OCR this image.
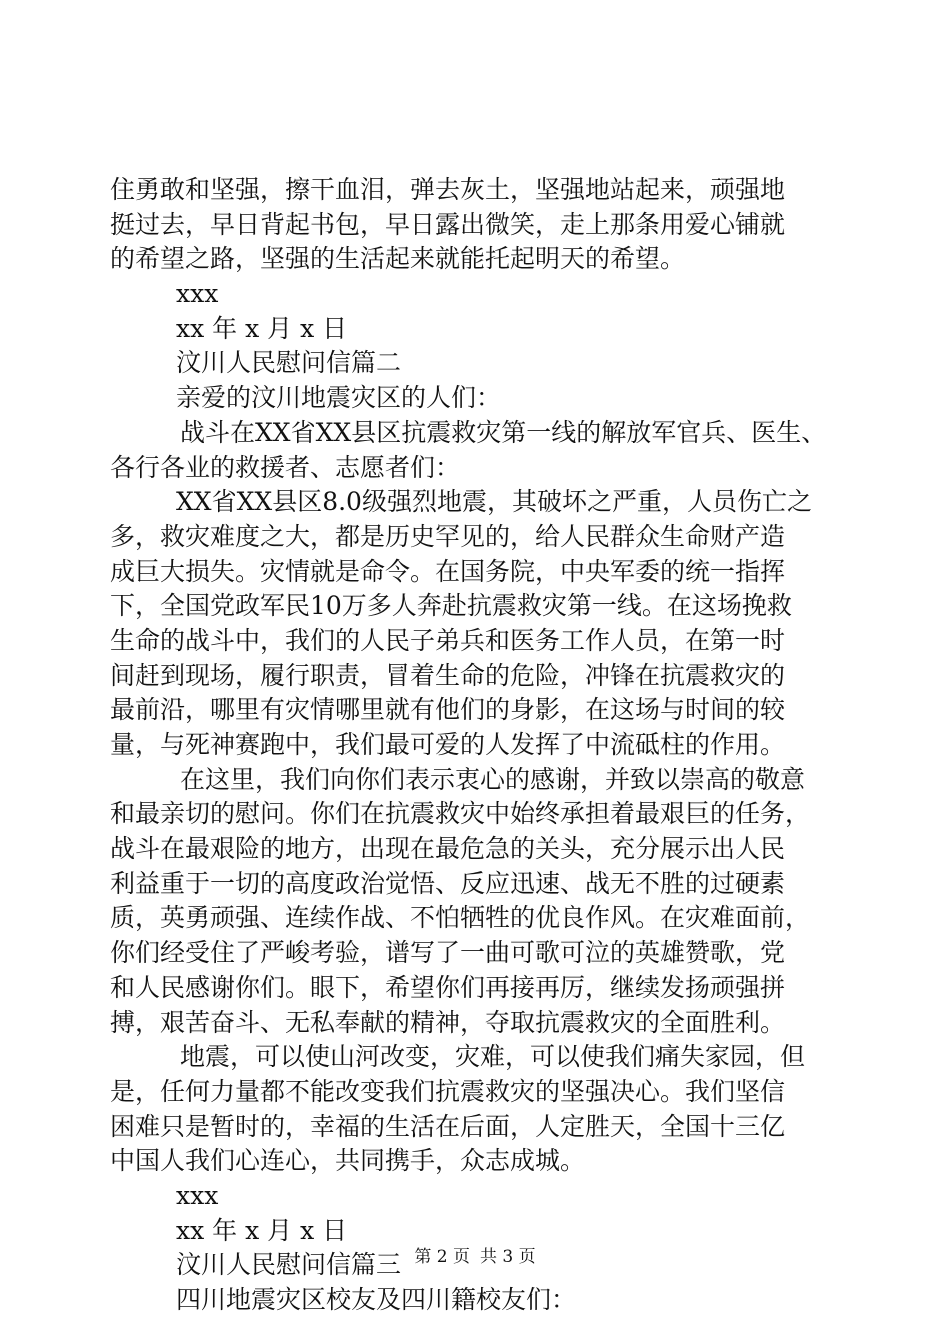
住勇敢和坚强，擦干血泪，弹去灰土，坚强地站起来，顽强地
挺过去，早日背起书包，早日露出微笑，走上那条用爱心铺就
的希望之路，坚强的生活起来就能托起明天的希望。
xxx
xx 年 x 月 x 日
汶川人民慰问信篇二
亲爱的汶川地震灾区的人们：
战斗在XX省XX县区抗震救灾第一线的解放军官兵、医生、
各行各业的救援者、志愿者们：
XX省XX县区8.0级强烈地震，其破坏之严重，人员伤亡之
多，救灾难度之大，都是历史罕见的，给人民群众生命财产造
成巨大损失。灾情就是命令。在国务院，中央军委的统一指挥
下，全国党政军民10万多人奔赴抗震救灾第一线。在这场挽救
生命的战斗中，我们的人民子弟兵和医务工作人员，在第一时
间赶到现场，履行职责，冒着生命的危险，冲锋在抗震救灾的
最前沿，哪里有灾情哪里就有他们的身影，在这场与时间的较
量，与死神赛跑中，我们最可爱的人发挥了中流砥柱的作用。
在这里，我们向你们表示衷心的感谢，并致以崇高的敬意
和最亲切的慰问。你们在抗震救灾中始终承担着最艰巨的任务，
战斗在最艰险的地方，出现在最危急的关头，充分展示出人民
利益重于一切的高度政治觉悟、反应迅速、战无不胜的过硬素
质，英勇顽强、连续作战、不怕牺牲的优良作风。在灾难面前，
你们经受住了严峻考验，谱写了一曲可歌可泣的英雄赞歌，党
和人民感谢你们。眼下，希望你们再接再厉，继续发扬顽强拼
搏，艰苦奋斗、无私奉献的精神，夺取抗震救灾的全面胜利。
地震，可以使山河改变，灾难，可以使我们痛失家园，但
是，任何力量都不能改变我们抗震救灾的坚强决心。我们坚信
困难只是暂时的，幸福的生活在后面，人定胜天，全国十三亿
中国人我们心连心，共同携手，众志成城。
xxx
xx 年 x 月 x 日
汶川人民慰问信篇三
四川地震灾区校友及四川籍校友们：
第 2 页 共 3 页
